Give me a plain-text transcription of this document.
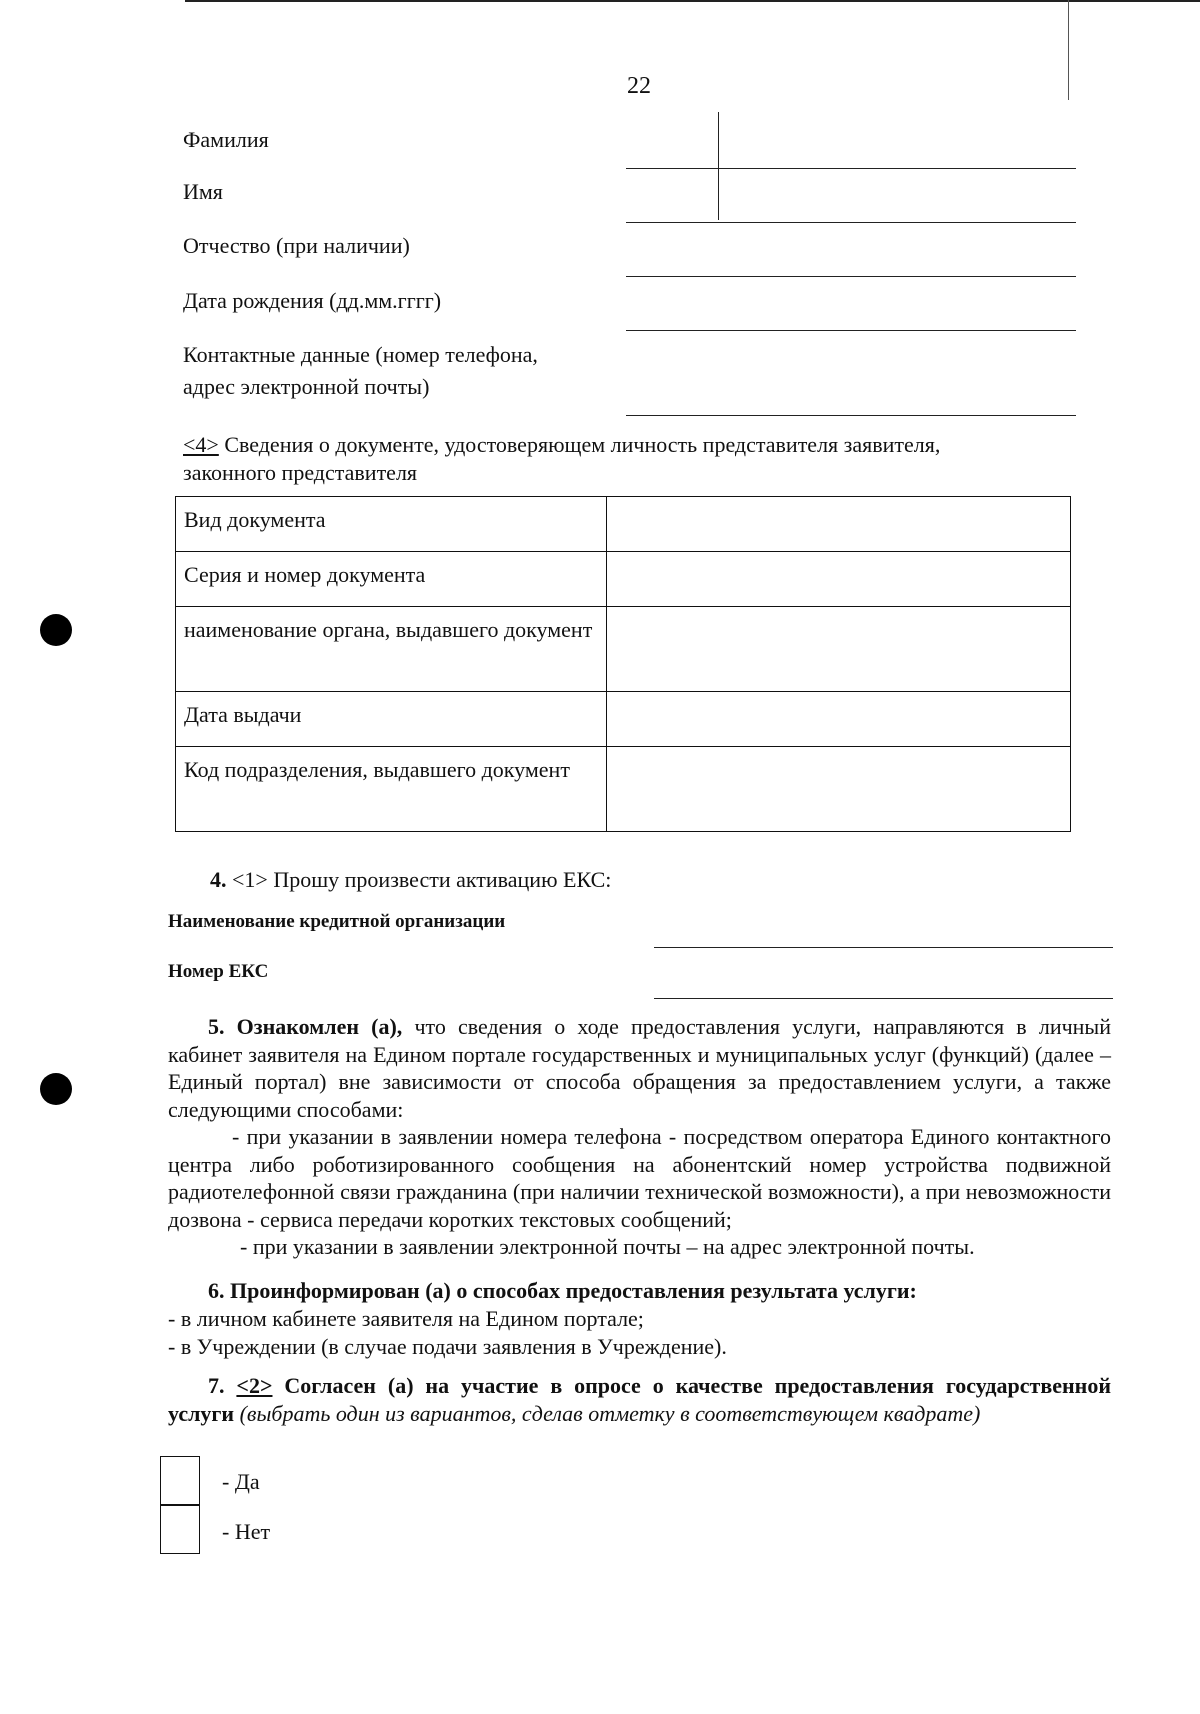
22
Фамилия
Имя
Отчество (при наличии)
Дата рождения (дд.мм.гггг)
Контактные данные (номер телефона,
адрес электронной почты)
<4> Сведения о документе, удостоверяющем личность представителя заявителя,
законного представителя
Вид документа	
Серия и номер документа	
наименование органа, выдавшего документ	
Дата выдачи	
Код подразделения, выдавшего документ	
4. <1> Прошу произвести активацию ЕКС:
Наименование кредитной организации
Номер ЕКС
5. Ознакомлен (а), что сведения о ходе предоставления услуги, направляются в личный кабинет заявителя на Едином портале государственных и муниципальных услуг (функций) (далее – Единый портал) вне зависимости от способа обращения за предоставлением услуги, а также следующими способами:
- при указании в заявлении номера телефона - посредством оператора Единого контактного центра либо роботизированного сообщения на абонентский номер устройства подвижной радиотелефонной связи гражданина (при наличии технической возможности), а при невозможности дозвона - сервиса передачи коротких текстовых сообщений;
- при указании в заявлении электронной почты – на адрес электронной почты.
6. Проинформирован (а) о способах предоставления результата услуги:
- в личном кабинете заявителя на Едином портале;
- в Учреждении (в случае подачи заявления в Учреждение).
7. <2> Согласен (а) на участие в опросе о качестве предоставления государственной услуги (выбрать один из вариантов, сделав отметку в соответствующем квадрате)
- Да
- Нет
